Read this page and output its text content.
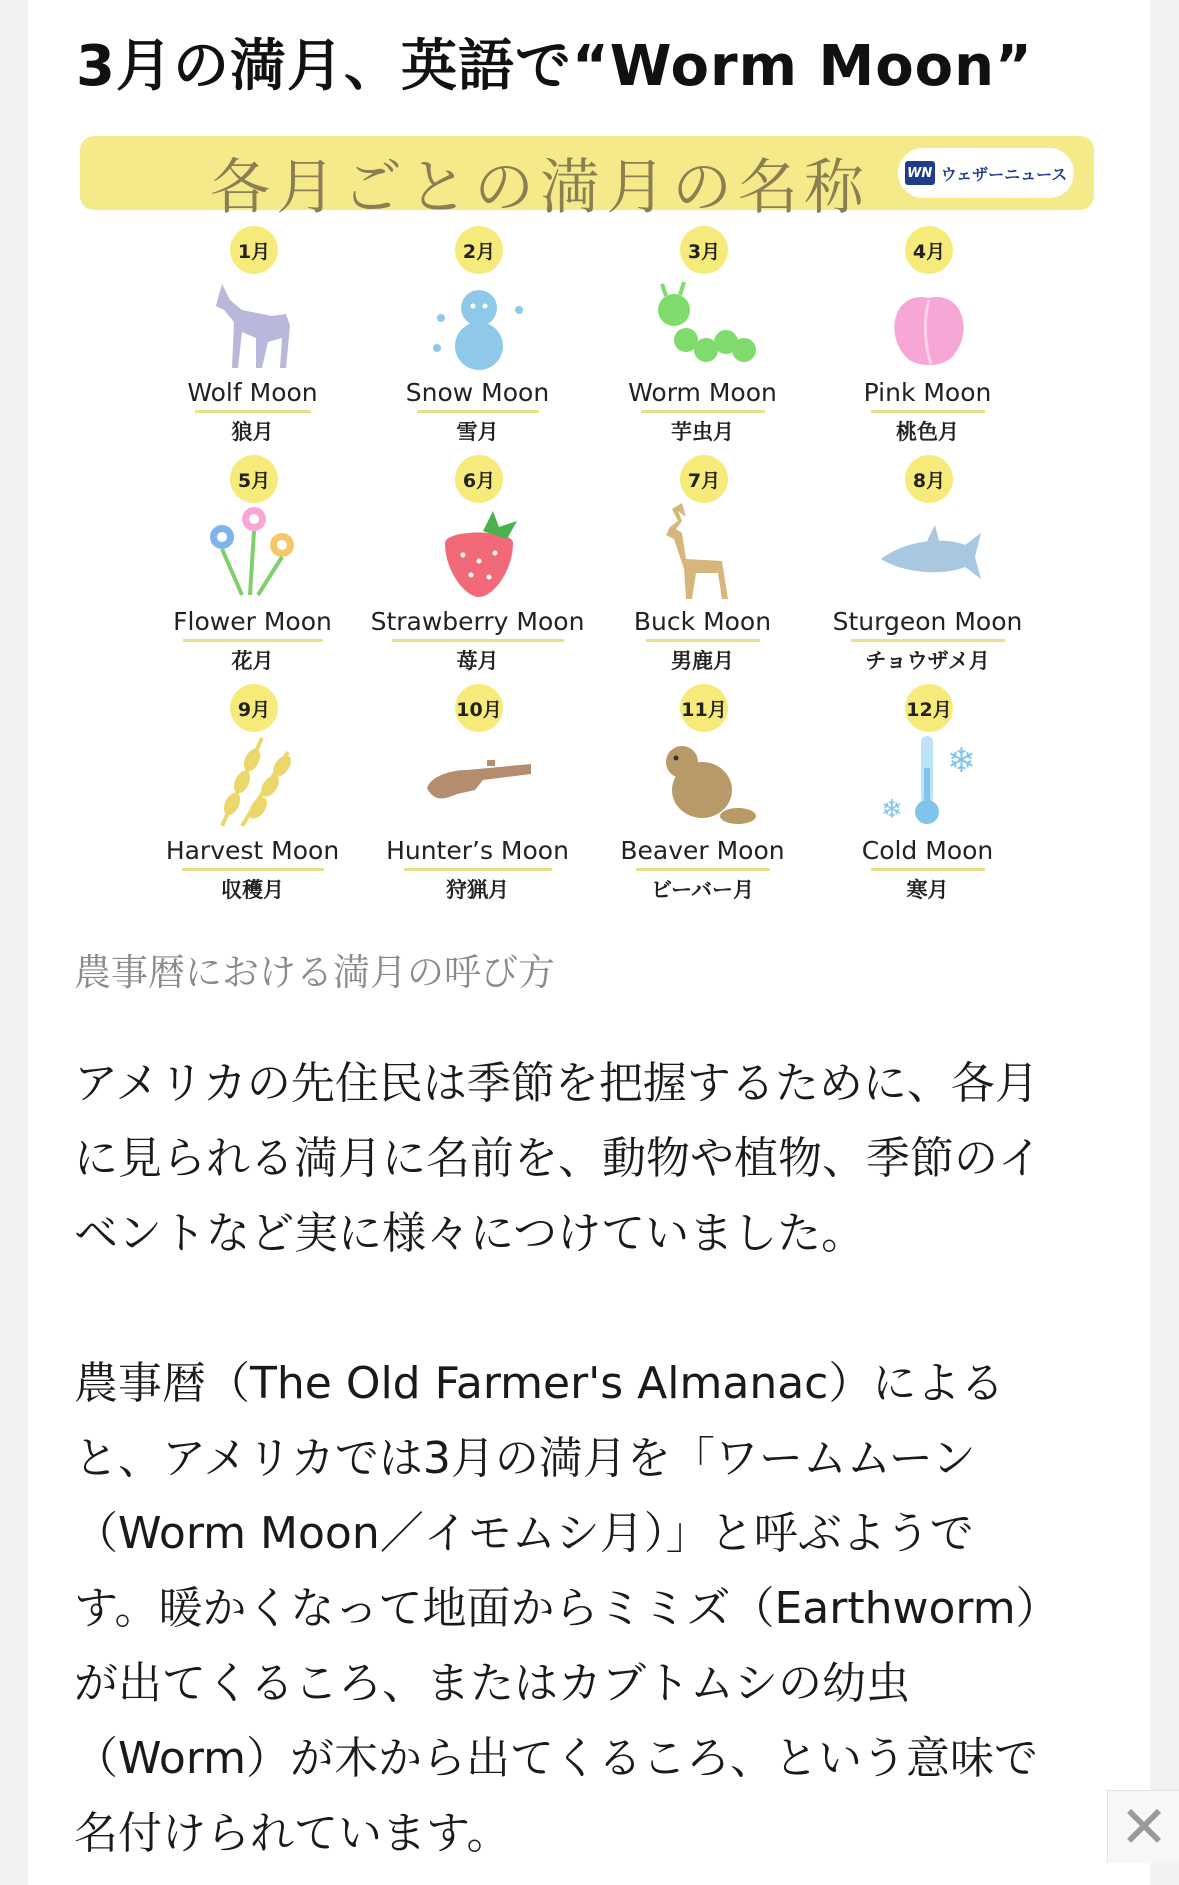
3月の満月、英語で“Worm Moon”
各月ごとの満月の名称	WN ウェザーニュース
1月
Wolf Moon
狼月
2月
Snow Moon
雪月
3月
Worm Moon
芋虫月
4月
Pink Moon
桃色月
5月
Flower Moon
花月
6月
Strawberry Moon
苺月
7月
Buck Moon
男鹿月
8月
Sturgeon Moon
チョウザメ月
9月
Harvest Moon
収穫月
10月
Hunter’s Moon
狩猟月
11月
Beaver Moon
ビーバー月
12月
❄
❄
Cold Moon
寒月

農事暦における満月の呼び方

アメリカの先住民は季節を把握するために、各月
に見られる満月に名前を、動物や植物、季節のイ
ベントなど実に様々につけていました。

農事暦（The Old Farmer's Almanac）による
と、アメリカでは3月の満月を「ワームムーン
（Worm Moon／イモムシ月）」と呼ぶようで
す。暖かくなって地面からミミズ（Earthworm）
が出てくるころ、またはカブトムシの幼虫
（Worm）が木から出てくるころ、という意味で
名付けられています。	✕
